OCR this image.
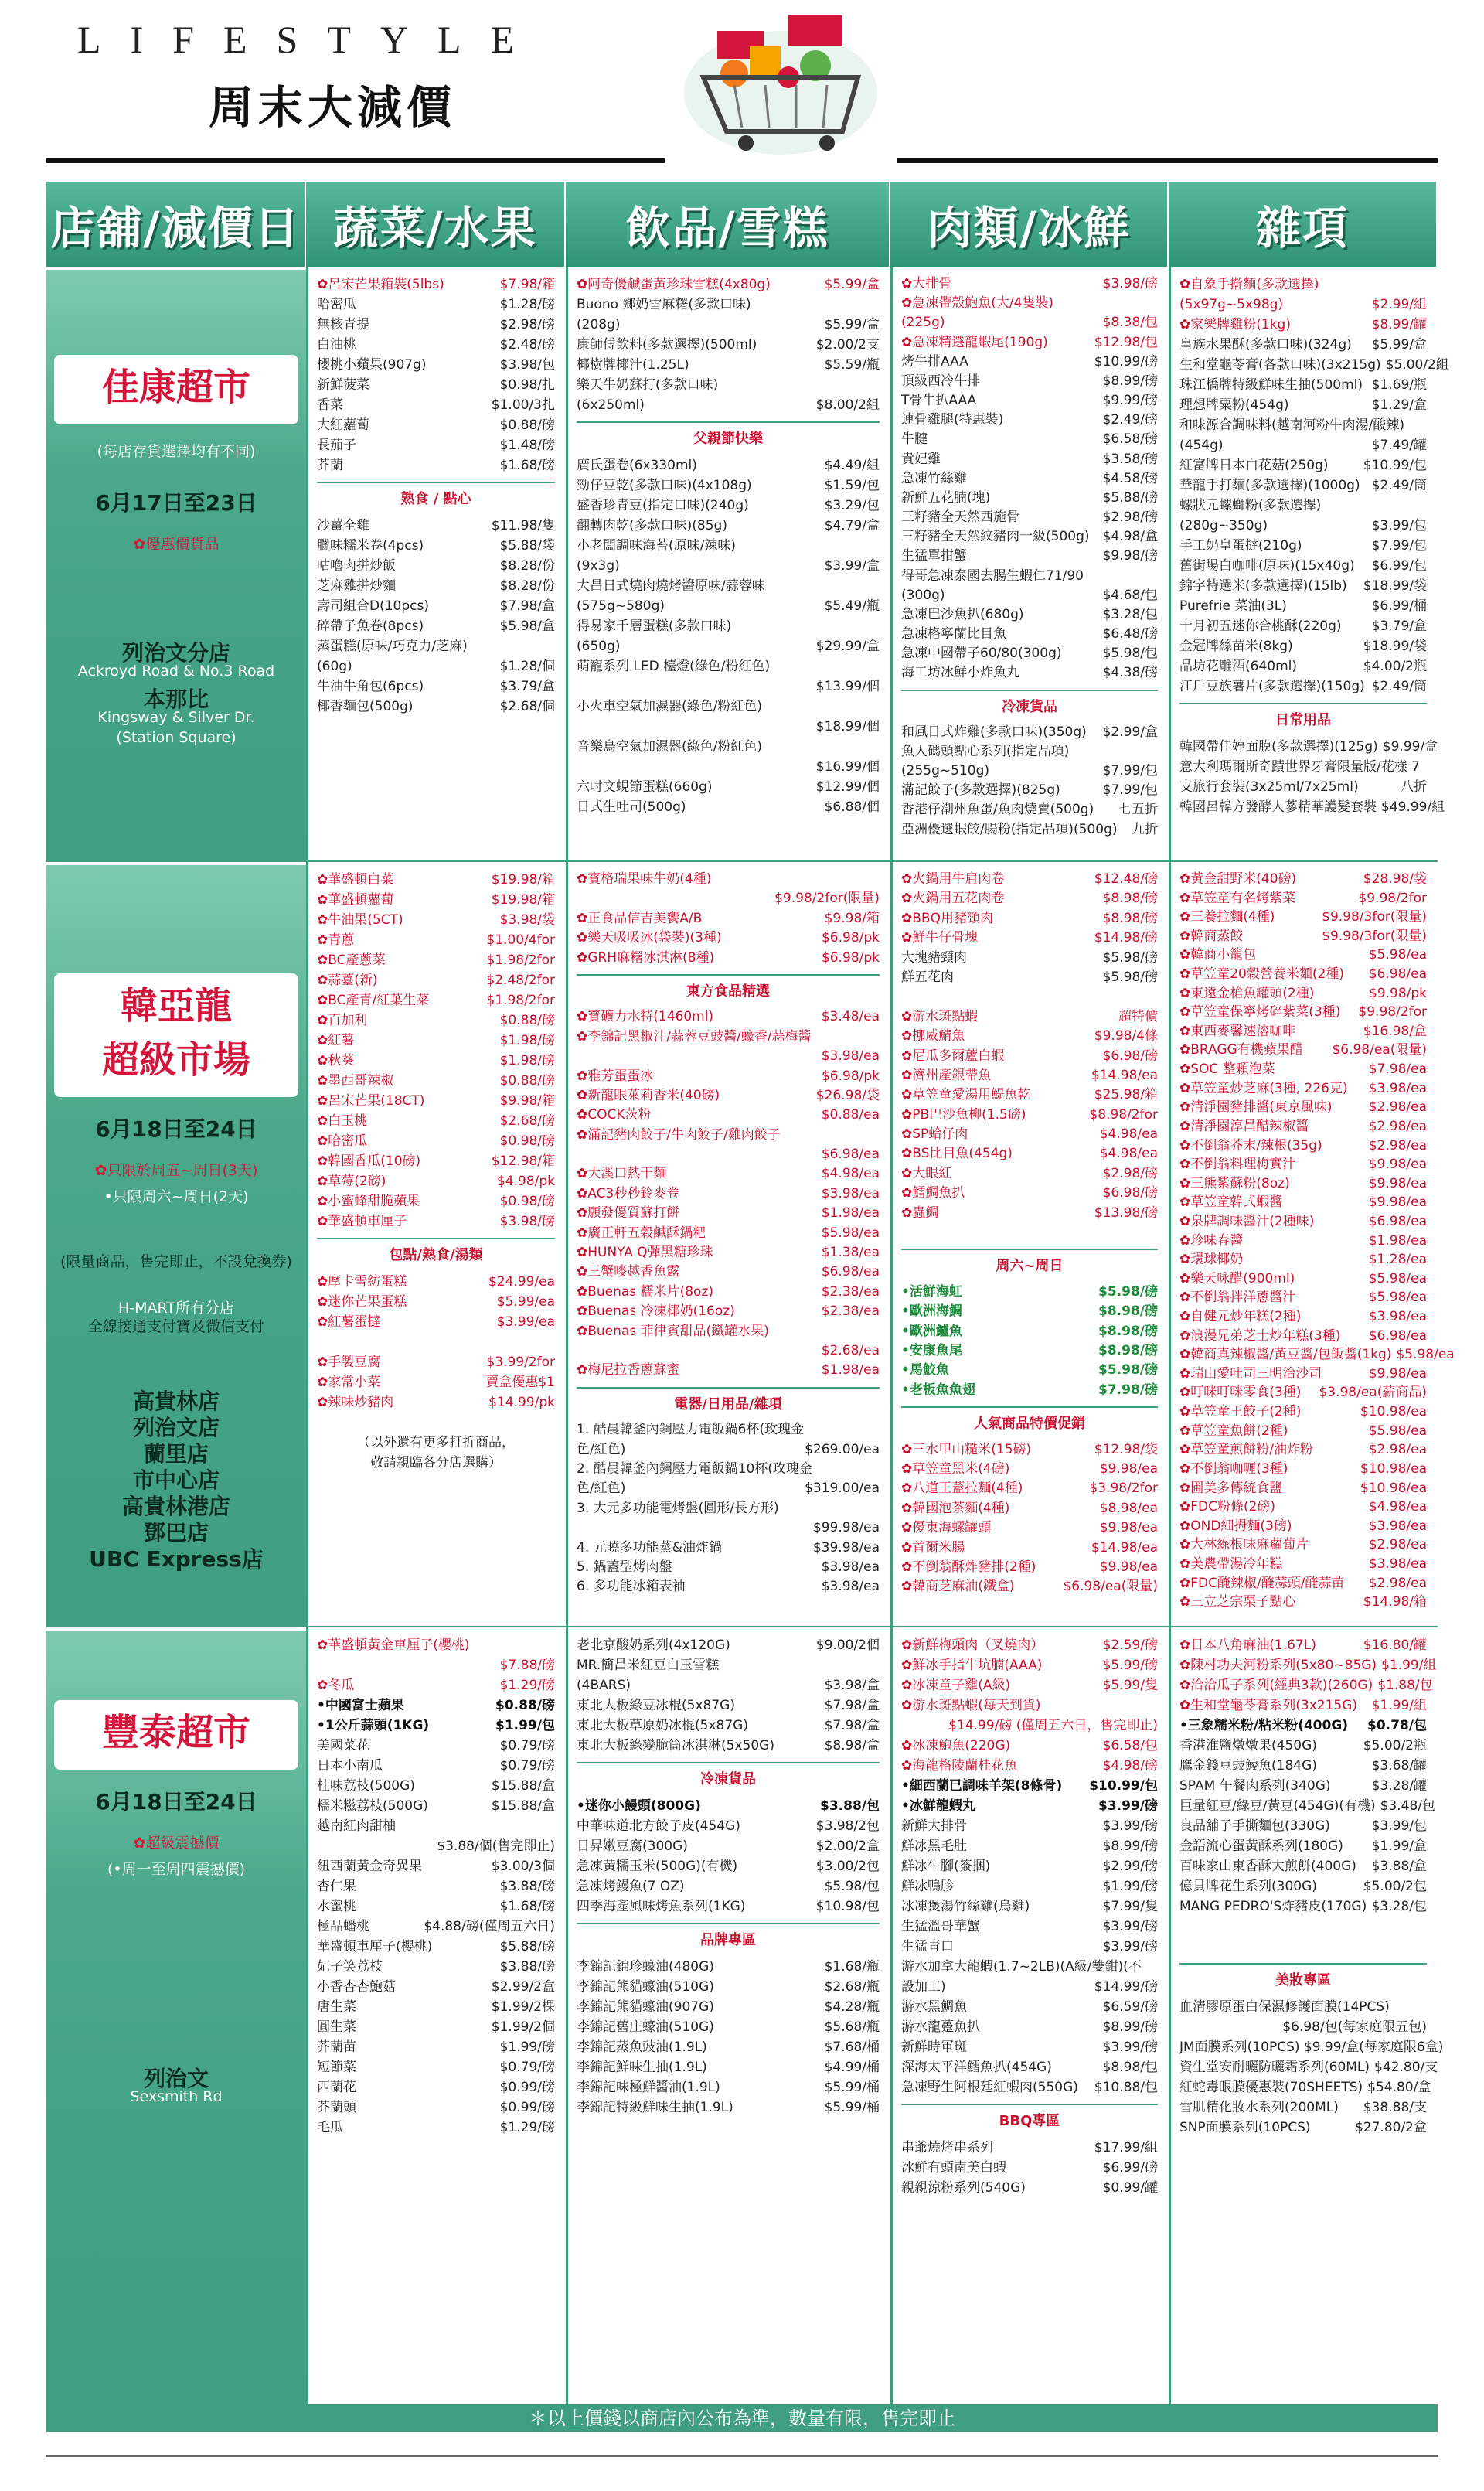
LIFESTYLE
周末大減價
店舖/減價日 蔬菜/水果 飲品/雪糕 肉類/冰鮮	雜項
佳康超市
(每店存貨選擇均有不同)
6月17日至23日
✿優惠價貨品
列治文分店
Ackroyd Road & No.3 Road
本那比
Kingsway & Silver Dr.
(Station Square)
✿呂宋芒果箱裝(5lbs)	$7.98/箱
哈密瓜	$1.28/磅
無核青提	$2.98/磅
白油桃	$2.48/磅
櫻桃小蘋果(907g)	$3.98/包
新鮮菠菜	$0.98/扎
香菜	$1.00/3扎
大紅蘿蔔	$0.88/磅
長茄子	$1.48/磅
芥蘭	$1.68/磅
熟食 / 點心
沙薑全雞	$11.98/隻
臘味糯米卷(4pcs)	$5.88/袋
咕嚕肉拼炒飯	$8.28/份
芝麻雞拼炒麵	$8.28/份
壽司組合D(10pcs)	$7.98/盒
碎帶子魚卷(8pcs)	$5.98/盒
蒸蛋糕(原味/巧克力/芝麻)
(60g)	$1.28/個
牛油牛角包(6pcs)	$3.79/盒
椰香麵包(500g)	$2.68/個
✿阿奇優鹹蛋黃珍珠雪糕(4x80g)	$5.99/盒
Buono 鄉奶雪麻糬(多款口味)
(208g)	$5.99/盒
康師傅飲料(多款選擇)(500ml)	$2.00/2支
椰樹牌椰汁(1.25L)	$5.59/瓶
樂天牛奶蘇打(多款口味)
(6x250ml)	$8.00/2組
父親節快樂
廣氏蛋卷(6x330ml)	$4.49/組
勁仔豆乾(多款口味)(4x108g)	$1.59/包
盛香珍青豆(指定口味)(240g)	$3.29/包
翻轉肉乾(多款口味)(85g)	$4.79/盒
小老闆調味海苔(原味/辣味)
(9x3g)	$3.99/盒
大昌日式燒肉燒烤醬原味/蒜蓉味
(575g~580g)	$5.49/瓶
得易家千層蛋糕(多款口味)
(650g)	$29.99/盒
萌寵系列 LED 檯燈(綠色/粉紅色)
$13.99/個
小火車空氣加濕器(綠色/粉紅色)
$18.99/個
音樂鳥空氣加濕器(綠色/粉紅色)
$16.99/個
六吋文蜆節蛋糕(660g)	$12.99/個
日式生吐司(500g)	$6.88/個
✿大排骨	$3.98/磅
✿急凍帶殼鮑魚(大/4隻裝)
(225g)	$8.38/包
✿急凍精選龍蝦尾(190g)	$12.98/包
烤牛排AAA	$10.99/磅
頂級西冷牛排	$8.99/磅
T骨牛扒AAA	$9.99/磅
連骨雞腿(特惠裝)	$2.49/磅
牛腱	$6.58/磅
貴妃雞	$3.58/磅
急凍竹絲雞	$4.58/磅
新鮮五花腩(塊)	$5.88/磅
三籽豬全天然西施骨	$2.98/磅
三籽豬全天然紋豬肉一級(500g) $4.98/盒
生猛單拑蟹	$9.98/磅
得哥急凍泰國去腸生蝦仁71/90
(300g)	$4.68/包
急凍巴沙魚扒(680g)	$3.28/包
急凍格寧蘭比目魚	$6.48/磅
急凍中國帶子60/80(300g)	$5.98/包
海工坊冰鮮小炸魚丸	$4.38/磅
冷凍貨品
和風日式炸雞(多款口味)(350g) $2.99/盒
魚人碼頭點心系列(指定品項)
(255g~510g)	$7.99/包
滿記餃子(多款選擇)(825g)	$7.99/包
香港仔潮州魚蛋/魚肉燒賣(500g) 七五折
亞洲優選蝦餃/腸粉(指定品項)(500g) 九折
✿自象手擀麵(多款選擇)
(5x97g~5x98g)	$2.99/組
✿家樂牌雞粉(1kg)	$8.99/罐
皇族水果酥(多款口味)(324g) $5.99/盒
生和堂龜苓膏(各款口味)(3x215g) $5.00/2組
珠江橋牌特級鮮味生抽(500ml) $1.69/瓶
理想牌粟粉(454g)	$1.29/盒
和味源合調味料(越南河粉牛肉湯/酸辣)
(454g)	$7.49/罐
紅富牌日本白花菇(250g)	$10.99/包
華龍手打麵(多款選擇)(1000g) $2.49/筒
螺狀元螺螄粉(多款選擇)
(280g~350g)	$3.99/包
手工奶皇蛋撻(210g)	$7.99/包
舊街場白咖啡(原味)(15x40g) $6.99/包
錦字特選米(多款選擇)(15lb) $18.99/袋
Purefrie 菜油(3L)	$6.99/桶
十月初五迷你合桃酥(220g) $3.79/盒
金冠牌絲苗米(8kg)	$18.99/袋
品坊花雕酒(640ml)	$4.00/2瓶
江戶豆族薯片(多款選擇)(150g) $2.49/筒
日常用品
韓國帶佳婷面膜(多款選擇)(125g) $9.99/盒
意大利瑪爾斯奇蹟世界牙膏限量版/花樣 7
支旅行套裝(3x25ml/7x25ml)	八折
韓國呂韓方發酵人蔘精華護髮套裝 $49.99/組
韓亞龍
超級市場
6月18日至24日
✿只限於周五~周日(3天)
•只限周六~周日(2天)
(限量商品，售完即止，不設兌換券)
H-MART所有分店
全線接通支付寶及微信支付
高貴林店
列治文店
蘭里店
市中心店
高貴林港店
鄧巴店
UBC Express店
✿華盛頓白菜	$19.98/箱
✿華盛頓蘿蔔	$19.98/箱
✿牛油果(5CT)	$3.98/袋
✿青蔥	$1.00/4for
✿BC產蔥菜	$1.98/2for
✿蒜薹(新)	$2.48/2for
✿BC產青/紅葉生菜	$1.98/2for
✿百加利	$0.88/磅
✿紅薯	$1.98/磅
✿秋葵	$1.98/磅
✿墨西哥辣椒	$0.88/磅
✿呂宋芒果(18CT)	$9.98/箱
✿白玉桃	$2.68/磅
✿哈密瓜	$0.98/磅
✿韓國香瓜(10磅)	$12.98/箱
✿草莓(2磅)	$4.98/pk
✿小蜜蜂甜脆蘋果	$0.98/磅
✿華盛頓車厘子	$3.98/磅
包點/熟食/湯類
✿摩卡雪紡蛋糕	$24.99/ea
✿迷你芒果蛋糕	$5.99/ea
✿紅薯蛋撻	$3.99/ea
✿手製豆腐	$3.99/2for
✿家常小菜	賣盒優惠$1
✿辣味炒豬肉	$14.99/pk
（以外還有更多打折商品，
敬請親臨各分店選購）
✿賓格瑞果味牛奶(4種)
$9.98/2for(限量)
✿正食品信吉美饗A/B	$9.98/箱
✿樂天吸吸冰(袋裝)(3種)	$6.98/pk
✿GRH麻糬冰淇淋(8種)	$6.98/pk
東方食品精選
✿寶礦力水特(1460ml)	$3.48/ea
✿李錦記黑椒汁/蒜蓉豆豉醬/蠔香/蒜梅醬
$3.98/ea
✿雅芳蛋蛋冰	$6.98/pk
✿新龍眼萊莉香米(40磅)	$26.98/袋
✿COCK茨粉	$0.88/ea
✿滿記豬肉餃子/牛肉餃子/雞肉餃子
$6.98/ea
✿大溪口熱干麵	$4.98/ea
✿AC3秒秒鈴麥卷	$3.98/ea
✿願發優質蘇打餅	$1.98/ea
✿廣正軒五穀鹹酥鍋粑	$5.98/ea
✿HUNYA Q彈黑糖珍珠	$1.38/ea
✿三蟹嘜越香魚露	$6.98/ea
✿Buenas 糯米片(8oz)	$2.38/ea
✿Buenas 冷凍椰奶(16oz)	$2.38/ea
✿Buenas 菲律賓甜品(鐵罐水果)
$2.68/ea
✿梅尼拉香蔥蘇蜜	$1.98/ea
電器/日用品/雜項
1. 酷晨韓釜內鋼壓力電飯鍋6杯(玫瑰金
色/紅色)	$269.00/ea
2. 酷晨韓釜內鋼壓力電飯鍋10杯(玫瑰金
色/紅色)	$319.00/ea
3. 大元多功能電烤盤(圓形/長方形)
$99.98/ea
4. 元曉多功能蒸&油炸鍋	$39.98/ea
5. 鍋蓋型烤肉盤	$3.98/ea
6. 多功能冰箱表袖	$3.98/ea
✿火鍋用牛肩肉卷	$12.48/磅
✿火鍋用五花肉卷	$8.98/磅
✿BBQ用豬頸肉	$8.98/磅
✿鮮牛仔骨塊	$14.98/磅
大塊豬頸肉	$5.98/磅
鮮五花肉	$5.98/磅
✿游水斑點蝦	超特價
✿挪威鯖魚	$9.98/4條
✿尼瓜多爾蘆白蝦	$6.98/磅
✿濟州產銀帶魚	$14.98/ea
✿草笠童愛湯用鯷魚乾	$25.98/箱
✿PB巴沙魚柳(1.5磅)	$8.98/2for
✿SP蛤仔肉	$4.98/ea
✿BS比目魚(454g)	$4.98/ea
✿大眼紅	$2.98/磅
✿鱈鯛魚扒	$6.98/磅
✿蟲鯛	$13.98/磅
周六~周日
•活鮮海虹	$5.98/磅
•歐洲海鯛	$8.98/磅
•歐洲鱸魚	$8.98/磅
•安康魚尾	$8.98/磅
•馬鮫魚	$5.98/磅
•老板魚魚翅	$7.98/磅
人氣商品特價促銷
✿三水甲山糙米(15磅)	$12.98/袋
✿草笠童黑米(4磅)	$9.98/ea
✿八道王蓋拉麵(4種)	$3.98/2for
✿韓國泡茶麵(4種)	$8.98/ea
✿優東海螺罐頭	$9.98/ea
✿首爾米腸	$14.98/ea
✿不倒翁酥炸豬排(2種)	$9.98/ea
✿韓商芝麻油(鐵盒)	$6.98/ea(限量)
✿黃金甜野米(40磅)	$28.98/袋
✿草笠童有名烤紫菜	$9.98/2for
✿三養拉麵(4種)	$9.98/3for(限量)
✿韓商蒸餃	$9.98/3for(限量)
✿韓商小籠包	$5.98/ea
✿草笠童20穀營養米麵(2種) $6.98/ea
✿東遠金槍魚罐頭(2種)	$9.98/pk
✿草笠童保寧烤碎紫菜(3種) $9.98/2for
✿東西麥馨速溶咖啡	$16.98/盒
✿BRAGG有機蘋果醋 $6.98/ea(限量)
✿SOC 整顆泡菜	$7.98/ea
✿草笠童炒芝麻(3種, 226克) $3.98/ea
✿清淨園豬排醬(東京風味)	$2.98/ea
✿清淨園淳昌醋辣椒醬	$2.98/ea
✿不倒翁芥末/辣根(35g)	$2.98/ea
✿不倒翁料理梅實汁	$9.98/ea
✿三熊紫蘇粉(8oz)	$9.98/ea
✿草笠童韓式蝦醬	$9.98/ea
✿泉牌調味醬汁(2種味)	$6.98/ea
✿珍味春醬	$1.98/ea
✿環球椰奶	$1.28/ea
✿樂天咏醋(900ml)	$5.98/ea
✿不倒翁拌洋蔥醬汁	$5.98/ea
✿自健元炒年糕(2種)	$3.98/ea
✿浪漫兄弟芝士炒年糕(3種) $6.98/ea
✿韓商真辣椒醬/黃豆醬/包飯醬(1kg) $5.98/ea
✿瑞山愛吐司三明治沙司	$9.98/ea
✿叮咪叮咪零食(3種) $3.98/ea(薪商品)
✿草笠童王餃子(2種)	$10.98/ea
✿草笠童魚餅(2種)	$5.98/ea
✿草笠童煎餅粉/油炸粉	$2.98/ea
✿不倒翁咖喱(3種)	$10.98/ea
✿圃美多傳統食鹽	$10.98/ea
✿FDC粉條(2磅)	$4.98/ea
✿OND細拇麵(3磅)	$3.98/ea
✿大林綠根味麻蘿蔔片	$2.98/ea
✿美農帶湯冷年糕	$3.98/ea
✿FDC醃辣椒/醃蒜頭/醃蒜苗 $2.98/ea
✿三立芝宗栗子點心	$14.98/箱
豐泰超市
6月18日至24日
✿超級震撼價
(•周一至周四震撼價)
列治文
Sexsmith Rd
✿華盛頓黃金車厘子(櫻桃)
$7.88/磅
✿冬瓜	$1.29/磅
•中國富士蘋果	$0.88/磅
•1公斤蒜頭(1KG)	$1.99/包
美國菜花	$0.79/磅
日本小南瓜	$0.79/磅
桂味荔枝(500G)	$15.88/盒
糯米糍荔枝(500G)	$15.88/盒
越南紅肉甜柚
$3.88/個(售完即止)
紐西蘭黃金奇異果	$3.00/3個
杏仁果	$3.88/磅
水蜜桃	$1.68/磅
極品蟠桃	$4.88/磅(僅周五六日)
華盛頓車厘子(櫻桃)	$5.88/磅
妃子笑荔枝	$3.88/磅
小香杏杏鮑菇	$2.99/2盒
唐生菜	$1.99/2棵
圓生菜	$1.99/2個
芥蘭苗	$1.99/磅
短節菜	$0.79/磅
西蘭花	$0.99/磅
芥蘭頭	$0.99/磅
毛瓜	$1.29/磅
老北京酸奶系列(4x120G)	$9.00/2個
MR.簡昌米紅豆白玉雪糕
(4BARS)	$3.98/盒
東北大板綠豆冰棍(5x87G)	$7.98/盒
東北大板草原奶冰棍(5x87G)	$7.98/盒
東北大板綠變脆筒冰淇淋(5x50G)	$8.98/盒
冷凍貨品
•迷你小饅頭(800G)	$3.88/包
中華味道北方餃子皮(454G)	$3.98/2包
日昇嫩豆腐(300G)	$2.00/2盒
急凍黃糯玉米(500G)(有機)	$3.00/2包
急凍烤鰻魚(7 OZ)	$5.98/包
四季海產風味烤魚系列(1KG)	$10.98/包
品牌專區
李錦記錦珍蠔油(480G)	$1.68/瓶
李錦記熊貓蠔油(510G)	$2.68/瓶
李錦記熊貓蠔油(907G)	$4.28/瓶
李錦記舊庄蠔油(510G)	$5.68/瓶
李錦記蒸魚豉油(1.9L)	$7.68/桶
李錦記鮮味生抽(1.9L)	$4.99/桶
李錦記味極鮮醬油(1.9L)	$5.99/桶
李錦記特級鮮味生抽(1.9L)	$5.99/桶
✿新鮮梅頭肉（叉燒肉）	$2.59/磅
✿鮮冰手指牛坑腩(AAA)	$5.99/磅
✿冰凍童子雞(A級)	$5.99/隻
✿游水斑點蝦(每天到貨)
$14.99/磅 (僅周五六日，售完即止)
✿冰凍鮑魚(220G)	$6.58/包
✿海龍格陵蘭桂花魚	$4.98/磅
•細西蘭已調味羊架(8條骨) $10.99/包
•冰鮮龍蝦丸	$3.99/磅
新鮮大排骨	$3.99/磅
鮮冰黑毛肚	$8.99/磅
鮮冰牛腳(簽捆)	$2.99/磅
鮮冰鴨胗	$1.99/磅
冰凍煲湯竹絲雞(烏雞)	$7.99/隻
生猛溫哥華蟹	$3.99/磅
生猛青口	$3.99/磅
游水加拿大龍蝦(1.7~2LB)(A級/雙鉗)(不
設加工)	$14.99/磅
游水黑鯛魚	$6.59/磅
游水龍躉魚扒	$8.99/磅
新鮮時軍斑	$3.99/磅
深海太平洋鱈魚扒(454G)	$8.98/包
急凍野生阿根廷紅蝦肉(550G) $10.88/包
BBQ專區
串爺燒烤串系列	$17.99/組
冰鮮有頭南美白蝦	$6.99/磅
親親涼粉系列(540G)	$0.99/罐
✿日本八角麻油(1.67L)	$16.80/罐
✿陳村功夫河粉系列(5x80~85G) $1.99/組
✿洽洽瓜子系列(經典3款)(260G) $1.88/包
✿生和堂龜苓膏系列(3x215G) $1.99/組
•三象糯米粉/粘米粉(400G) $0.78/包
香港淮鹽燉燉果(450G)	$5.00/2瓶
鷹金錢豆豉鯪魚(184G)	$3.68/罐
SPAM 午餐肉系列(340G)	$3.28/罐
巨量紅豆/綠豆/黃豆(454G)(有機) $3.48/包
良品舖子手撕麵包(330G)	$3.99/包
金語流心蛋黃酥系列(180G) $1.99/盒
百味家山東香酥大煎餅(400G) $3.88/盒
億貝牌花生系列(300G)	$5.00/2包
MANG PEDRO'S炸豬皮(170G) $3.28/包
美妝專區
血清膠原蛋白保濕修護面膜(14PCS)
$6.98/包(每家庭限五包)
JM面膜系列(10PCS) $9.99/盒(每家庭限6盒)
資生堂安耐曬防曬霜系列(60ML) $42.80/支
紅蛇毒眼膜優惠裝(70SHEETS) $54.80/盒
雪肌精化妝水系列(200ML) $38.88/支
SNP面膜系列(10PCS)	$27.80/2盒
＊以上價錢以商店內公布為準，數量有限，售完即止
